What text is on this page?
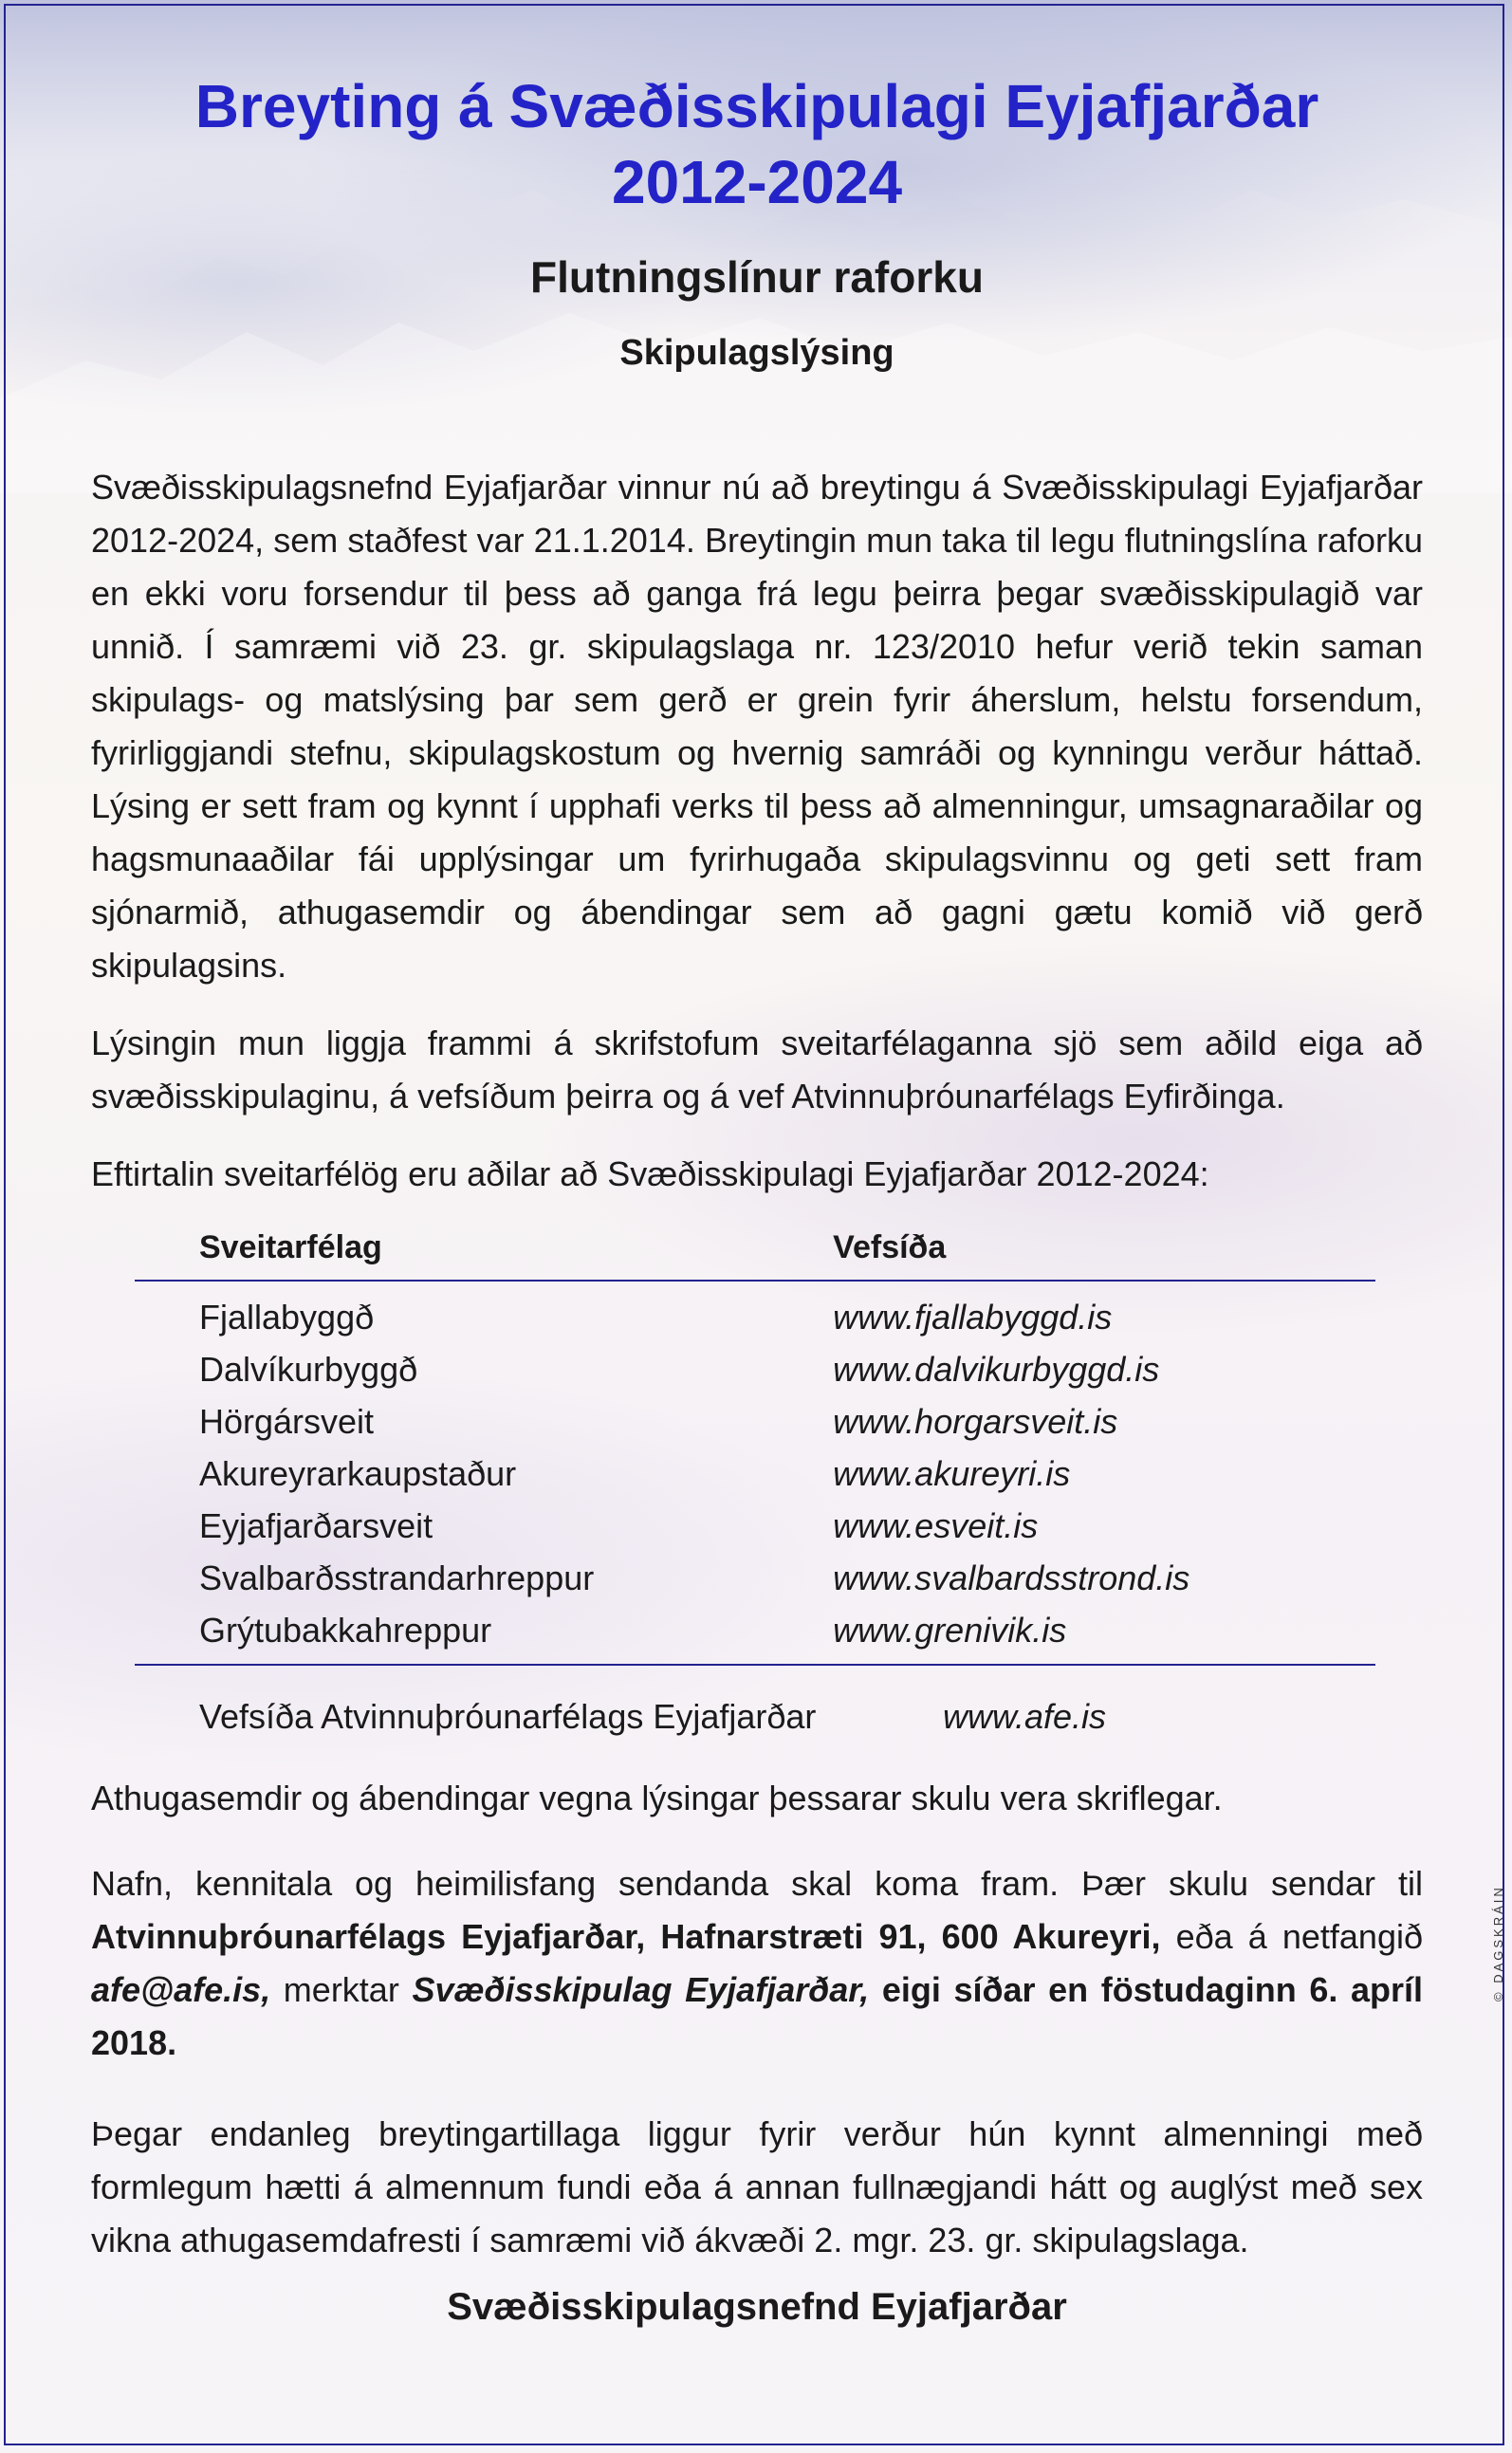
Breyting á Svæðisskipulagi Eyjafjarðar
2012-2024
Flutningslínur raforku
Skipulagslýsing

Svæðisskipulagsnefnd Eyjafjarðar vinnur nú að breytingu á Svæðisskipulagi Eyjafjarðar 2012-2024, sem staðfest var 21.1.2014. Breytingin mun taka til legu flutningslína raforku en ekki voru forsendur til þess að ganga frá legu þeirra þegar svæðisskipulagið var unnið. Í samræmi við 23. gr. skipulagslaga nr. 123/2010 hefur verið tekin saman skipulags- og matslýsing þar sem gerð er grein fyrir áherslum, helstu forsendum, fyrirliggjandi stefnu, skipulagskostum og hvernig samráði og kynningu verður háttað. Lýsing er sett fram og kynnt í upphafi verks til þess að almenningur, umsagnaraðilar og hagsmunaaðilar fái upplýsingar um fyrirhugaða skipulagsvinnu og geti sett fram sjónarmið, athugasemdir og ábendingar sem að gagni gætu komið við gerð skipulagsins.

Lýsingin mun liggja frammi á skrifstofum sveitarfélaganna sjö sem aðild eiga að svæðisskipulaginu, á vefsíðum þeirra og á vef Atvinnuþróunarfélags Eyfirðinga.

Eftirtalin sveitarfélög eru aðilar að Svæðisskipulagi Eyjafjarðar 2012-2024:

Sveitarfélag	Vefsíða
Fjallabyggð	www.fjallabyggd.is
Dalvíkurbyggð	www.dalvikurbyggd.is
Hörgársveit	www.horgarsveit.is
Akureyrarkaupstaður	www.akureyri.is
Eyjafjarðarsveit	www.esveit.is
Svalbarðsstrandarhreppur	www.svalbardsstrond.is
Grýtubakkahreppur	www.grenivik.is
Vefsíða Atvinnuþróunarfélags Eyjafjarðar	www.afe.is

Athugasemdir og ábendingar vegna lýsingar þessarar skulu vera skriflegar.

Nafn, kennitala og heimilisfang sendanda skal koma fram. Þær skulu sendar til Atvinnuþróunarfélags Eyjafjarðar, Hafnarstræti 91, 600 Akureyri, eða á netfangið afe@afe.is, merktar Svæðisskipulag Eyjafjarðar, eigi síðar en föstudaginn 6. apríl 2018.

Þegar endanleg breytingartillaga liggur fyrir verður hún kynnt almenningi með formlegum hætti á almennum fundi eða á annan fullnægjandi hátt og auglýst með sex vikna athugasemdafresti í samræmi við ákvæði 2. mgr. 23. gr. skipulagslaga.

Svæðisskipulagsnefnd Eyjafjarðar
© DAGSKRÁIN
